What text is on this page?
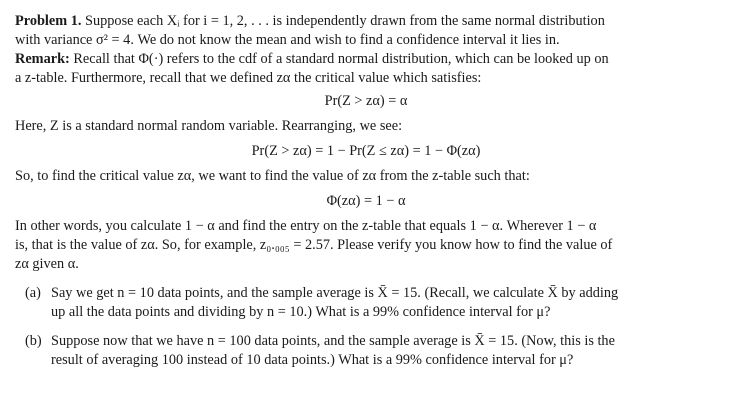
Problem 1. Suppose each Xᵢ for i = 1, 2, . . . is independently drawn from the same normal distribution
with variance σ² = 4. We do not know the mean and wish to find a confidence interval it lies in.

Remark: Recall that Φ(·) refers to the cdf of a standard normal distribution, which can be looked up on
a z-table. Furthermore, recall that we defined zα the critical value which satisfies:

Pr(Z > zα) = α

Here, Z is a standard normal random variable. Rearranging, we see:

Pr(Z > zα) = 1 − Pr(Z ≤ zα) = 1 − Φ(zα)

So, to find the critical value zα, we want to find the value of zα from the z-table such that:

Φ(zα) = 1 − α

In other words, you calculate 1 − α and find the entry on the z-table that equals 1 − α. Wherever 1 − α
is, that is the value of zα. So, for example, z₀.₀₀₅ = 2.57. Please verify you know how to find the value of
zα given α.

(a) Say we get n = 10 data points, and the sample average is X̄ = 15. (Recall, we calculate X̄ by adding
up all the data points and dividing by n = 10.) What is a 99% confidence interval for μ?
(b) Suppose now that we have n = 100 data points, and the sample average is X̄ = 15. (Now, this is the
result of averaging 100 instead of 10 data points.) What is a 99% confidence interval for μ?
